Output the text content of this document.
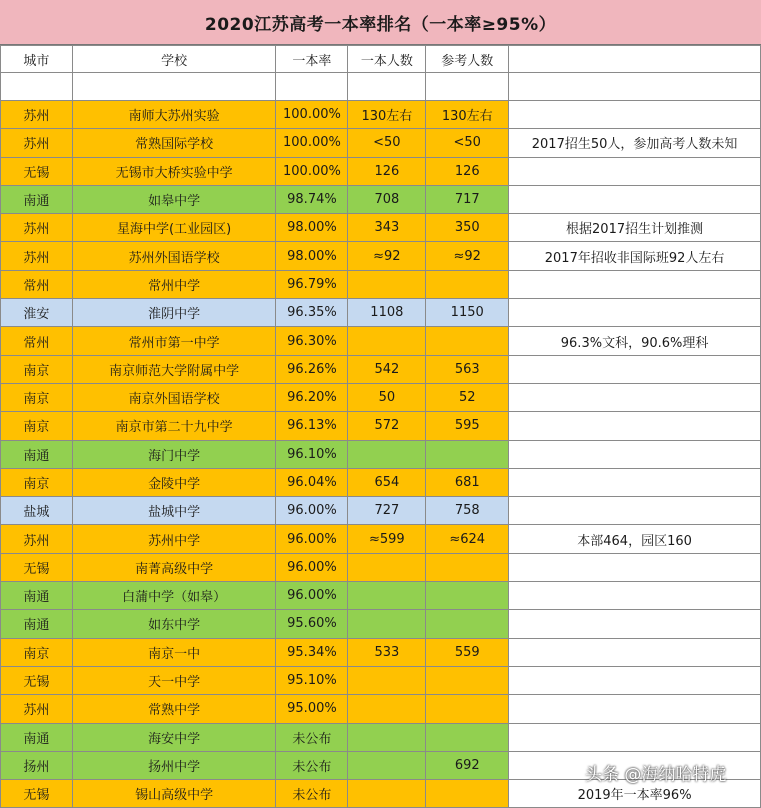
2020江苏高考一本率排名（一本率≥95%）
城市	学校	一本率	一本人数	参考人数	

苏州	南师大苏州实验	100.00%	130左右	130左右	
苏州	常熟国际学校	100.00%	<50	<50	2017招生50人，参加高考人数未知
无锡	无锡市大桥实验中学	100.00%	126	126	
南通	如皋中学	98.74%	708	717	
苏州	星海中学(工业园区)	98.00%	343	350	根据2017招生计划推测
苏州	苏州外国语学校	98.00%	≈92	≈92	2017年招收非国际班92人左右
常州	常州中学	96.79%			
淮安	淮阴中学	96.35%	1108	1150	
常州	常州市第一中学	96.30%			96.3%文科，90.6%理科
南京	南京师范大学附属中学	96.26%	542	563	
南京	南京外国语学校	96.20%	50	52	
南京	南京市第二十九中学	96.13%	572	595	
南通	海门中学	96.10%			
南京	金陵中学	96.04%	654	681	
盐城	盐城中学	96.00%	727	758	
苏州	苏州中学	96.00%	≈599	≈624	本部464，园区160
无锡	南菁高级中学	96.00%			
南通	白蒲中学（如皋）	96.00%			
南通	如东中学	95.60%			
南京	南京一中	95.34%	533	559	
无锡	天一中学	95.10%			
苏州	常熟中学	95.00%			
南通	海安中学	未公布			
扬州	扬州中学	未公布		692	
无锡	锡山高级中学	未公布			2019年一本率96%
头条 @海纳哈特虎
